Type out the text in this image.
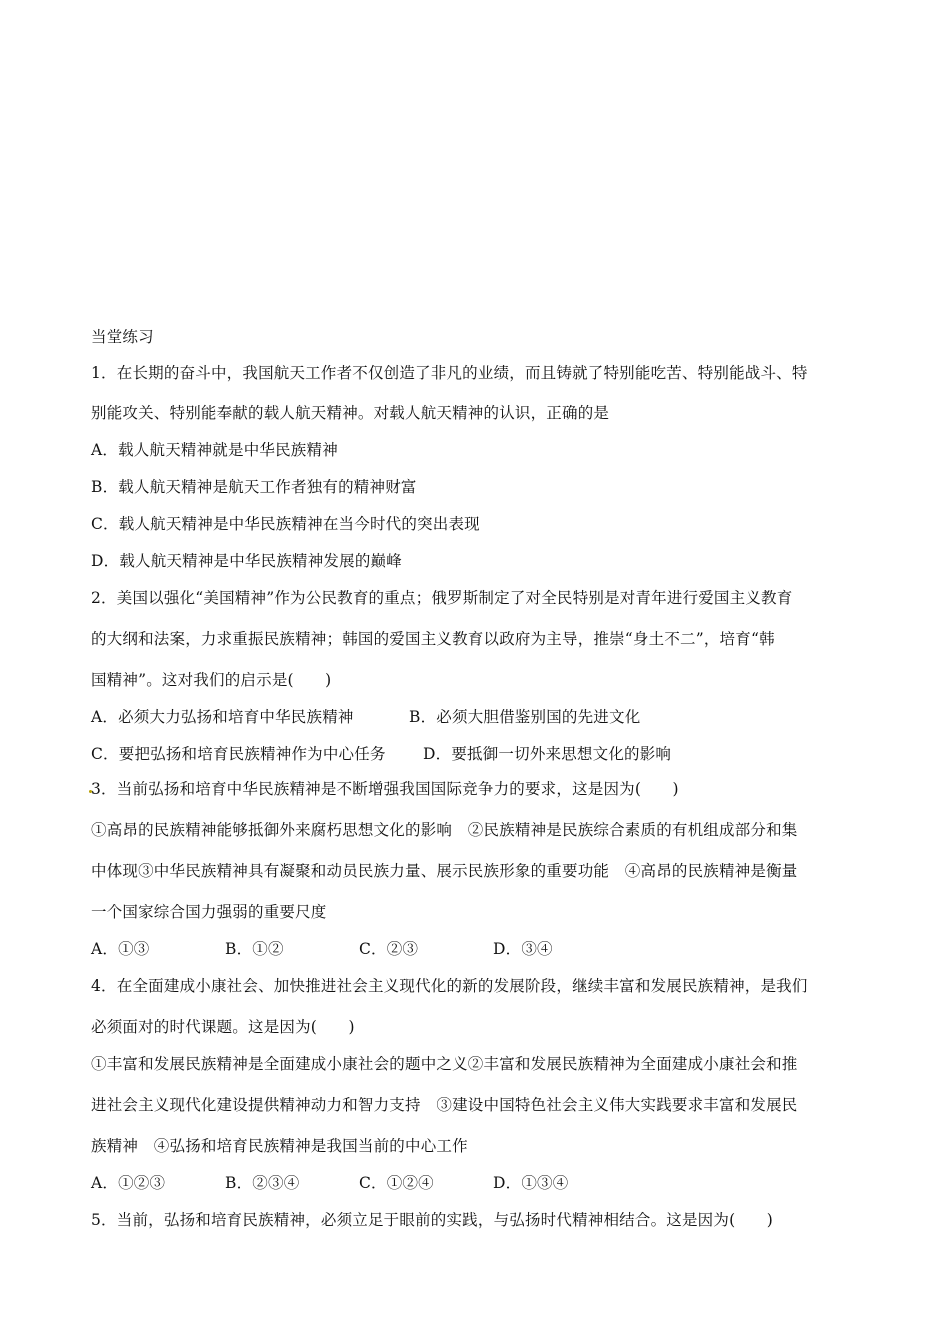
当堂练习
1．在长期的奋斗中，我国航天工作者不仅创造了非凡的业绩，而且铸就了特别能吃苦、特别能战斗、特
别能攻关、特别能奉献的载人航天精神。对载人航天精神的认识，正确的是
A．载人航天精神就是中华民族精神
B．载人航天精神是航天工作者独有的精神财富
C．载人航天精神是中华民族精神在当今时代的突出表现
D．载人航天精神是中华民族精神发展的巅峰
2．美国以强化“美国精神”作为公民教育的重点；俄罗斯制定了对全民特别是对青年进行爱国主义教育
的大纲和法案，力求重振民族精神；韩国的爱国主义教育以政府为主导，推崇“身土不二”，培育“韩
国精神”。这对我们的启示是(　　)
A．必须大力弘扬和培育中华民族精神	B．必须大胆借鉴别国的先进文化
C．要把弘扬和培育民族精神作为中心任务 D．要抵御一切外来思想文化的影响
3．当前弘扬和培育中华民族精神是不断增强我国国际竞争力的要求，这是因为(　　)
①高昂的民族精神能够抵御外来腐朽思想文化的影响　②民族精神是民族综合素质的有机组成部分和集
中体现③中华民族精神具有凝聚和动员民族力量、展示民族形象的重要功能　④高昂的民族精神是衡量
一个国家综合国力强弱的重要尺度
A．①③	B．①②	C．②③	D．③④
4．在全面建成小康社会、加快推进社会主义现代化的新的发展阶段，继续丰富和发展民族精神，是我们
必须面对的时代课题。这是因为(　　)
①丰富和发展民族精神是全面建成小康社会的题中之义②丰富和发展民族精神为全面建成小康社会和推
进社会主义现代化建设提供精神动力和智力支持　③建设中国特色社会主义伟大实践要求丰富和发展民
族精神　④弘扬和培育民族精神是我国当前的中心工作
A．①②③	B．②③④	C．①②④	D．①③④
5．当前，弘扬和培育民族精神，必须立足于眼前的实践，与弘扬时代精神相结合。这是因为(　　)
